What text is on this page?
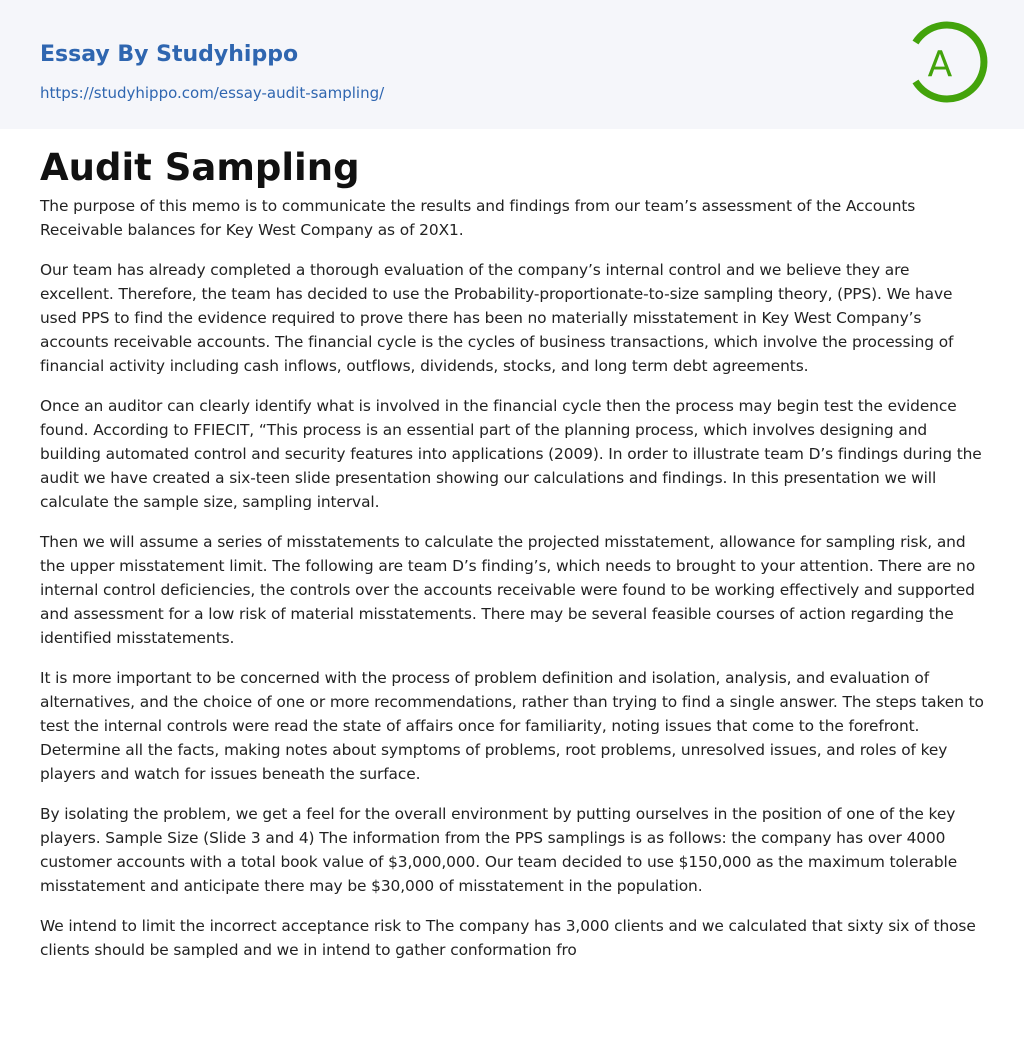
Essay By Studyhippo
https://studyhippo.com/essay-audit-sampling/
A
Audit Sampling

The purpose of this memo is to communicate the results and findings from our team’s assessment of the Accounts Receivable balances for Key West Company as of 20X1.

Our team has already completed a thorough evaluation of the company’s internal control and we believe they are excellent. Therefore, the team has decided to use the Probability-proportionate-to-size sampling theory, (PPS). We have used PPS to find the evidence required to prove there has been no materially misstatement in Key West Company’s accounts receivable accounts. The financial cycle is the cycles of business transactions, which involve the processing of financial activity including cash inflows, outflows, dividends, stocks, and long term debt agreements.

Once an auditor can clearly identify what is involved in the financial cycle then the process may begin test the evidence found. According to FFIECIT, “This process is an essential part of the planning process, which involves designing and building automated control and security features into applications (2009). In order to illustrate team D’s findings during the audit we have created a six-teen slide presentation showing our calculations and findings. In this presentation we will calculate the sample size, sampling interval.

Then we will assume a series of misstatements to calculate the projected misstatement, allowance for sampling risk, and the upper misstatement limit. The following are team D’s finding’s, which needs to brought to your attention. There are no internal control deficiencies, the controls over the accounts receivable were found to be working effectively and supported and assessment for a low risk of material misstatements. There may be several feasible courses of action regarding the identified misstatements.

It is more important to be concerned with the process of problem definition and isolation, analysis, and evaluation of alternatives, and the choice of one or more recommendations, rather than trying to find a single answer. The steps taken to test the internal controls were read the state of affairs once for familiarity, noting issues that come to the forefront. Determine all the facts, making notes about symptoms of problems, root problems, unresolved issues, and roles of key players and watch for issues beneath the surface.

By isolating the problem, we get a feel for the overall environment by putting ourselves in the position of one of the key players. Sample Size (Slide 3 and 4) The information from the PPS samplings is as follows: the company has over 4000 customer accounts with a total book value of $3,000,000. Our team decided to use $150,000 as the maximum tolerable misstatement and anticipate there may be $30,000 of misstatement in the population.

We intend to limit the incorrect acceptance risk to The company has 3,000 clients and we calculated that sixty six of those clients should be sampled and we in intend to gather conformation fro
